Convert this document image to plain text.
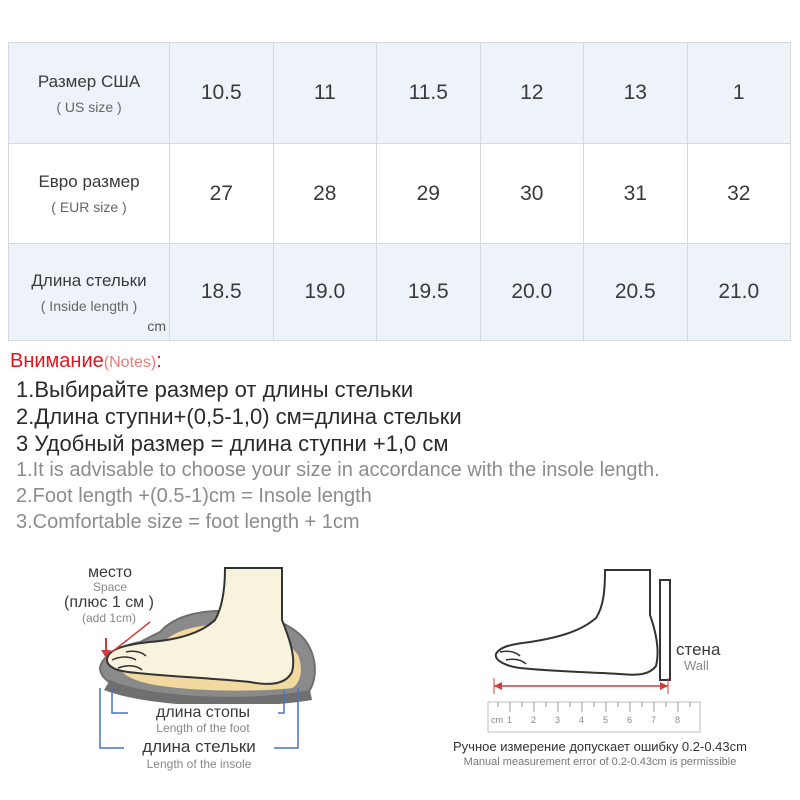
Размер США
( US size )	10.5	11	11.5	12	13	1

Евро размер
( EUR size )	27	28	29	30	31	32

Длина стельки
( Inside length )
cm	18.5	19.0	19.5	20.0	20.5	21.0
Внимание(Notes):
1.Выбирайте размер от длины стельки
2.Длина ступни+(0,5-1,0) см=длина стельки
3 Удобный размер = длина ступни +1,0 см
1.It is advisable to choose your size in accordance with the insole length.
2.Foot length +(0.5-1)cm = Insole length
3.Comfortable size = foot length + 1cm
cm 1 2 3 4 5 6 7 8
место
Space
(плюс 1 см )
(add 1cm)
длина стопы
Length of the foot
длина стельки
Length of the insole
стена
Wall
Ручное измерение допускает ошибку 0.2-0.43cm
Manual measurement error of 0.2-0.43cm is permissible
